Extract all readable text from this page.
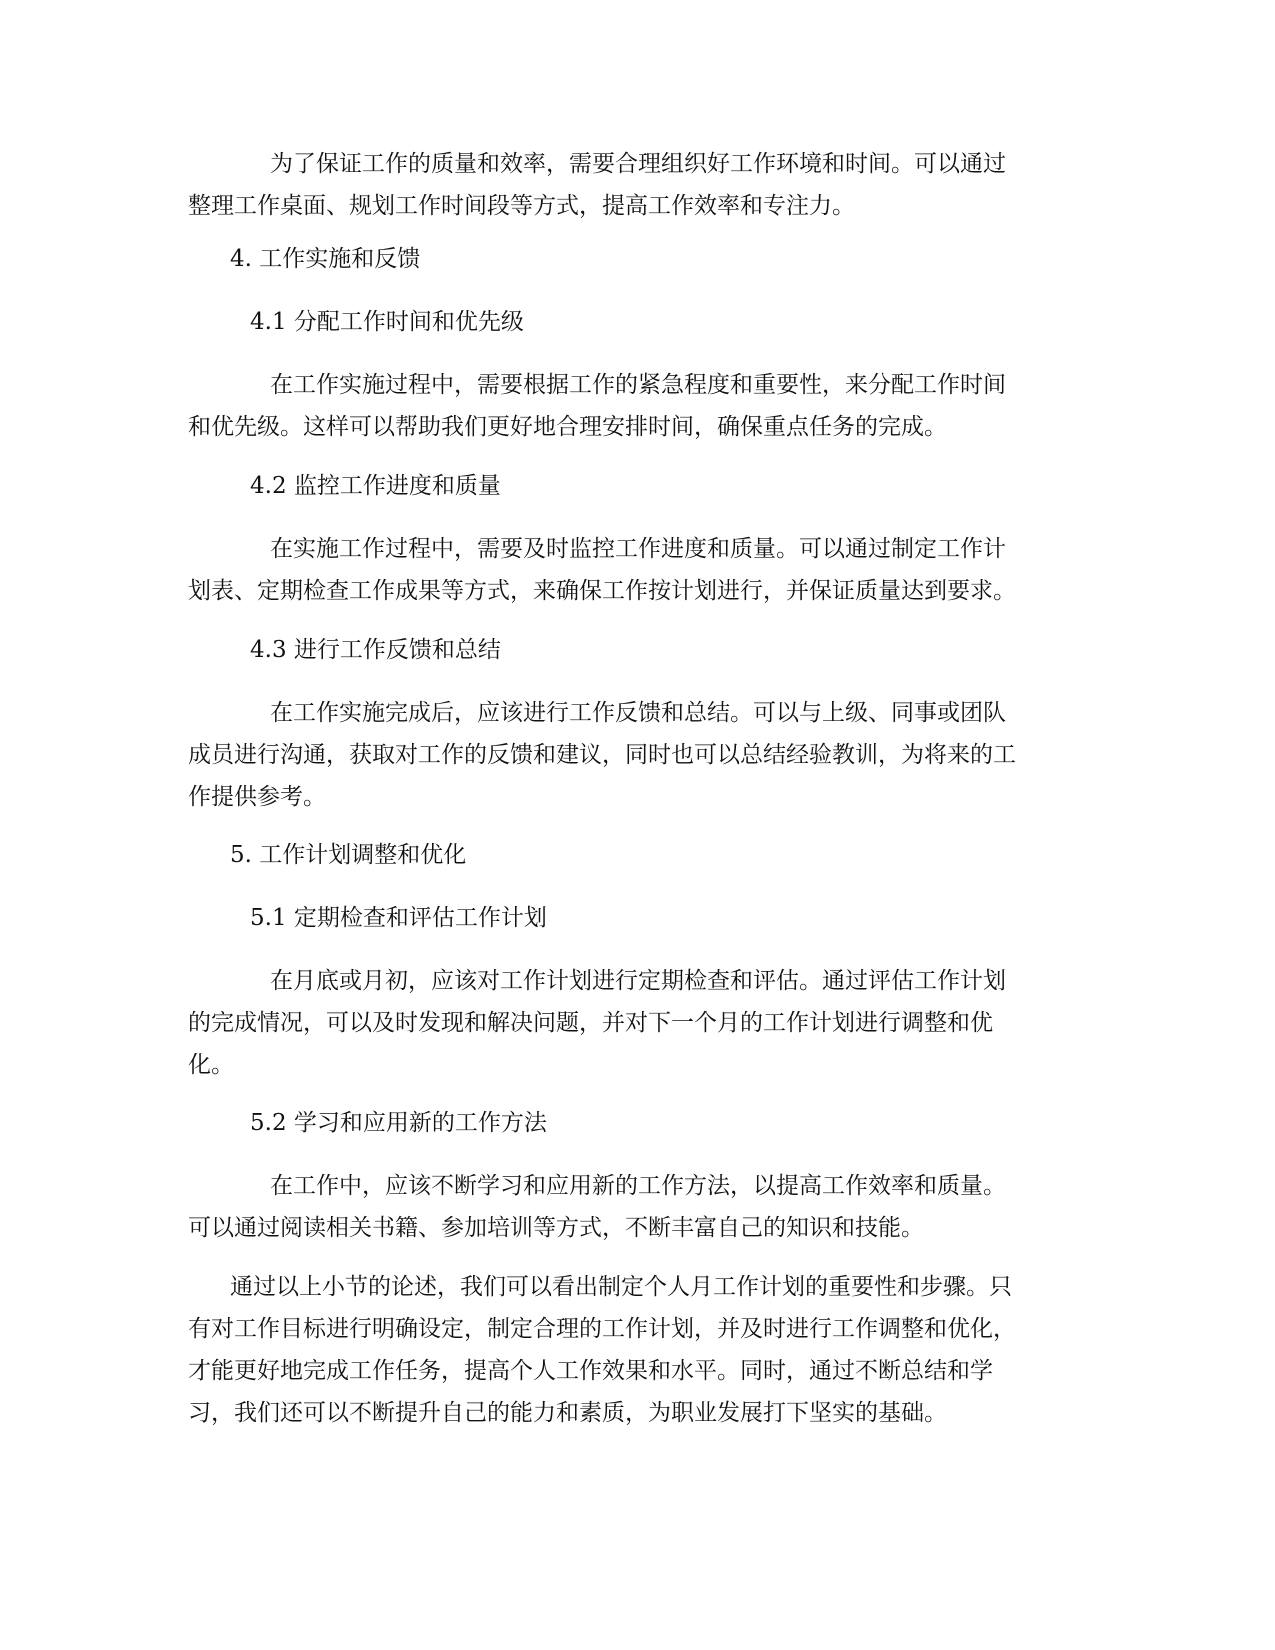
为了保证工作的质量和效率，需要合理组织好工作环境和时间。可以通过
整理工作桌面、规划工作时间段等方式，提高工作效率和专注力。

4. 工作实施和反馈

4.1 分配工作时间和优先级

在工作实施过程中，需要根据工作的紧急程度和重要性，来分配工作时间
和优先级。这样可以帮助我们更好地合理安排时间，确保重点任务的完成。

4.2 监控工作进度和质量

在实施工作过程中，需要及时监控工作进度和质量。可以通过制定工作计
划表、定期检查工作成果等方式，来确保工作按计划进行，并保证质量达到要求。

4.3 进行工作反馈和总结

在工作实施完成后，应该进行工作反馈和总结。可以与上级、同事或团队
成员进行沟通，获取对工作的反馈和建议，同时也可以总结经验教训，为将来的工
作提供参考。

5. 工作计划调整和优化

5.1 定期检查和评估工作计划

在月底或月初，应该对工作计划进行定期检查和评估。通过评估工作计划
的完成情况，可以及时发现和解决问题，并对下一个月的工作计划进行调整和优
化。

5.2 学习和应用新的工作方法

在工作中，应该不断学习和应用新的工作方法，以提高工作效率和质量。
可以通过阅读相关书籍、参加培训等方式，不断丰富自己的知识和技能。

通过以上小节的论述，我们可以看出制定个人月工作计划的重要性和步骤。只
有对工作目标进行明确设定，制定合理的工作计划，并及时进行工作调整和优化，
才能更好地完成工作任务，提高个人工作效果和水平。同时，通过不断总结和学
习，我们还可以不断提升自己的能力和素质，为职业发展打下坚实的基础。
